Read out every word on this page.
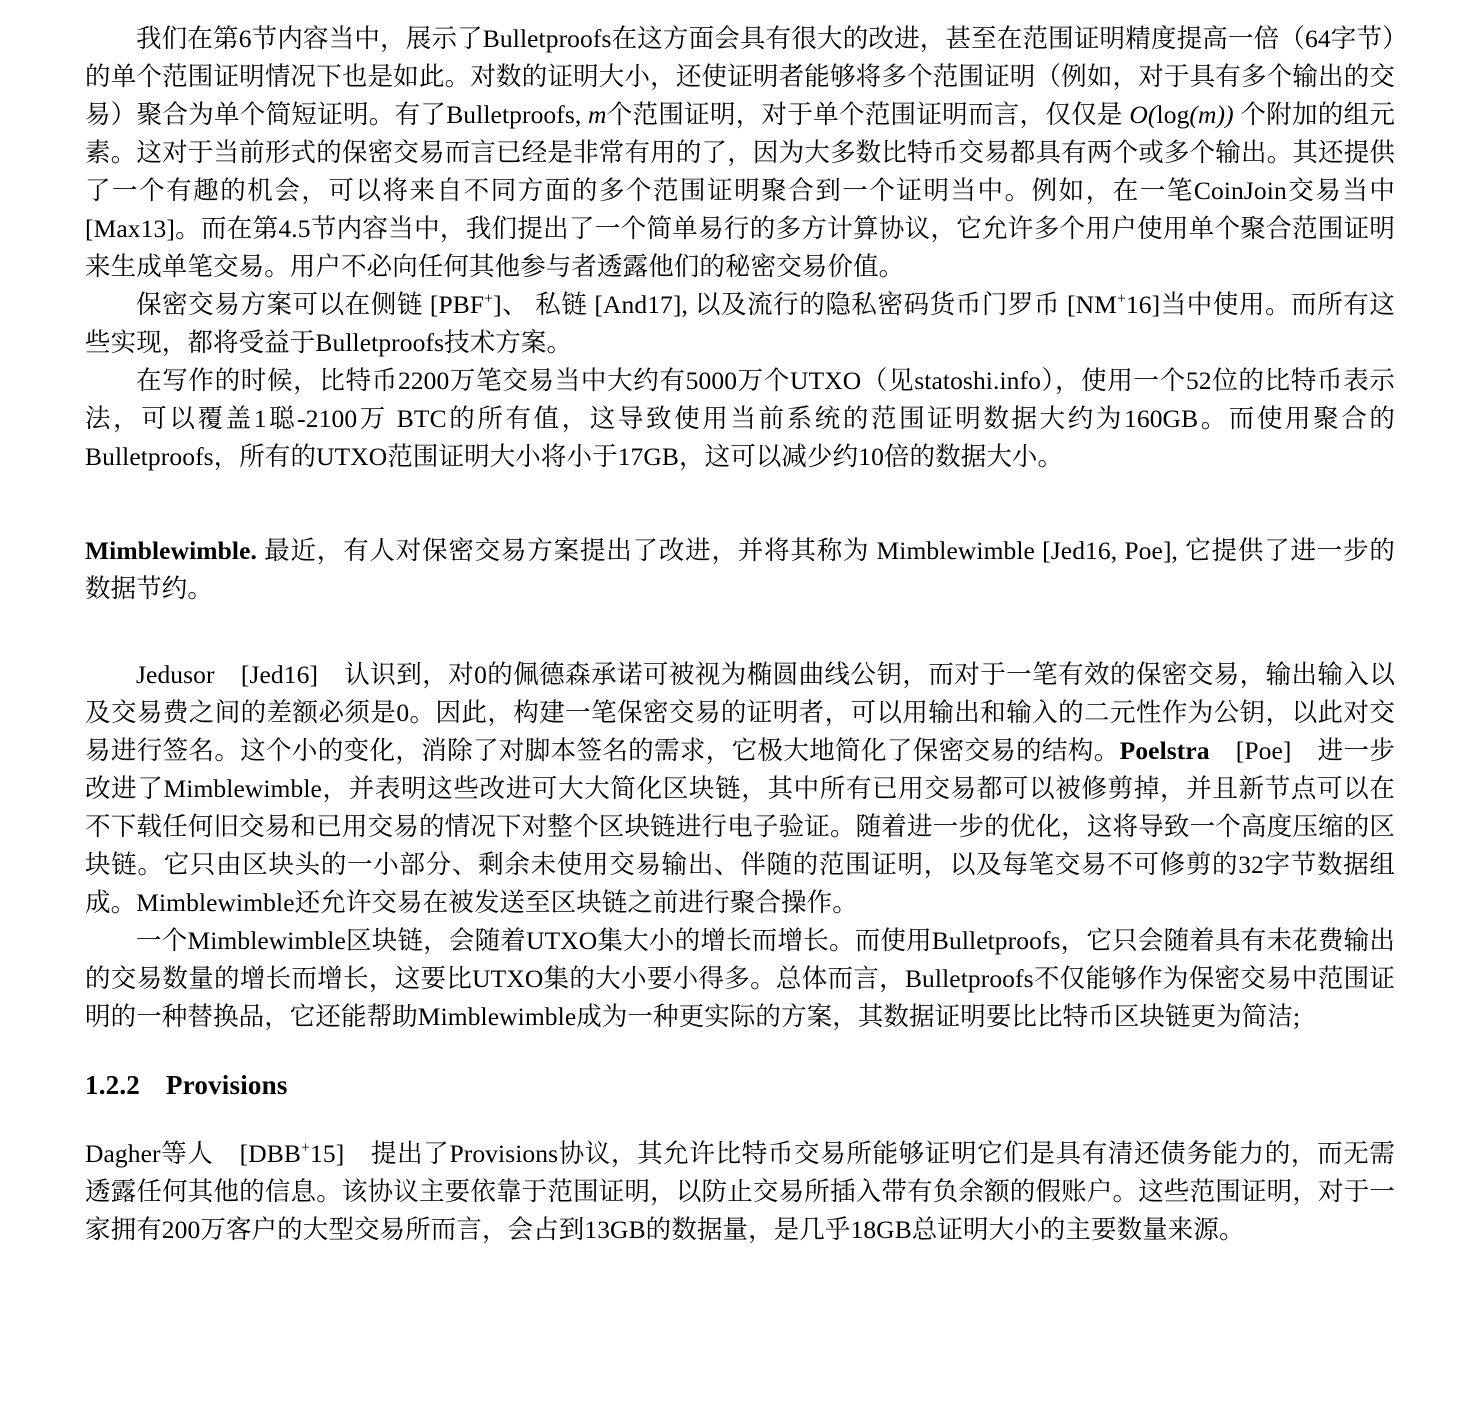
我们在第6节内容当中，展示了Bulletproofs在这方面会具有很大的改进，甚至在范围证明精度提高一倍（64字节）的单个范围证明情况下也是如此。对数的证明大小，还使证明者能够将多个范围证明（例如，对于具有多个输出的交易）聚合为单个简短证明。有了Bulletproofs, m个范围证明，对于单个范围证明而言，仅仅是 O(log(m)) 个附加的组元素。这对于当前形式的保密交易而言已经是非常有用的了，因为大多数比特币交易都具有两个或多个输出。其还提供了一个有趣的机会，可以将来自不同方面的多个范围证明聚合到一个证明当中。例如，在一笔CoinJoin交易当中 [Max13]。而在第4.5节内容当中，我们提出了一个简单易行的多方计算协议，它允许多个用户使用单个聚合范围证明来生成单笔交易。用户不必向任何其他参与者透露他们的秘密交易价值。

保密交易方案可以在侧链 [PBF+]、 私链 [And17], 以及流行的隐私密码货币门罗币 [NM+16]当中使用。而所有这些实现，都将受益于Bulletproofs技术方案。

在写作的时候，比特币2200万笔交易当中大约有5000万个UTXO（见statoshi.info），使用一个52位的比特币表示法，可以覆盖1聪-2100万 BTC的所有值，这导致使用当前系统的范围证明数据大约为160GB。而使用聚合的Bulletproofs，所有的UTXO范围证明大小将小于17GB，这可以减少约10倍的数据大小。

Mimblewimble. 最近，有人对保密交易方案提出了改进，并将其称为 Mimblewimble [Jed16, Poe], 它提供了进一步的数据节约。

Jedusor　[Jed16]　认识到，对0的佩德森承诺可被视为椭圆曲线公钥，而对于一笔有效的保密交易，输出输入以及交易费之间的差额必须是0。因此，构建一笔保密交易的证明者，可以用输出和输入的二元性作为公钥，以此对交易进行签名。这个小的变化，消除了对脚本签名的需求，它极大地简化了保密交易的结构。Poelstra　[Poe]　进一步改进了Mimblewimble，并表明这些改进可大大简化区块链，其中所有已用交易都可以被修剪掉，并且新节点可以在不下载任何旧交易和已用交易的情况下对整个区块链进行电子验证。随着进一步的优化，这将导致一个高度压缩的区块链。它只由区块头的一小部分、剩余未使用交易输出、伴随的范围证明，以及每笔交易不可修剪的32字节数据组成。Mimblewimble还允许交易在被发送至区块链之前进行聚合操作。

一个Mimblewimble区块链，会随着UTXO集大小的增长而增长。而使用Bulletproofs，它只会随着具有未花费输出的交易数量的增长而增长，这要比UTXO集的大小要小得多。总体而言，Bulletproofs不仅能够作为保密交易中范围证明的一种替换品，它还能帮助Mimblewimble成为一种更实际的方案，其数据证明要比比特币区块链更为简洁;

1.2.2 Provisions

Dagher等人　[DBB+15]　提出了Provisions协议，其允许比特币交易所能够证明它们是具有清还债务能力的，而无需透露任何其他的信息。该协议主要依靠于范围证明，以防止交易所插入带有负余额的假账户。这些范围证明，对于一家拥有200万客户的大型交易所而言，会占到13GB的数据量，是几乎18GB总证明大小的主要数量来源。
